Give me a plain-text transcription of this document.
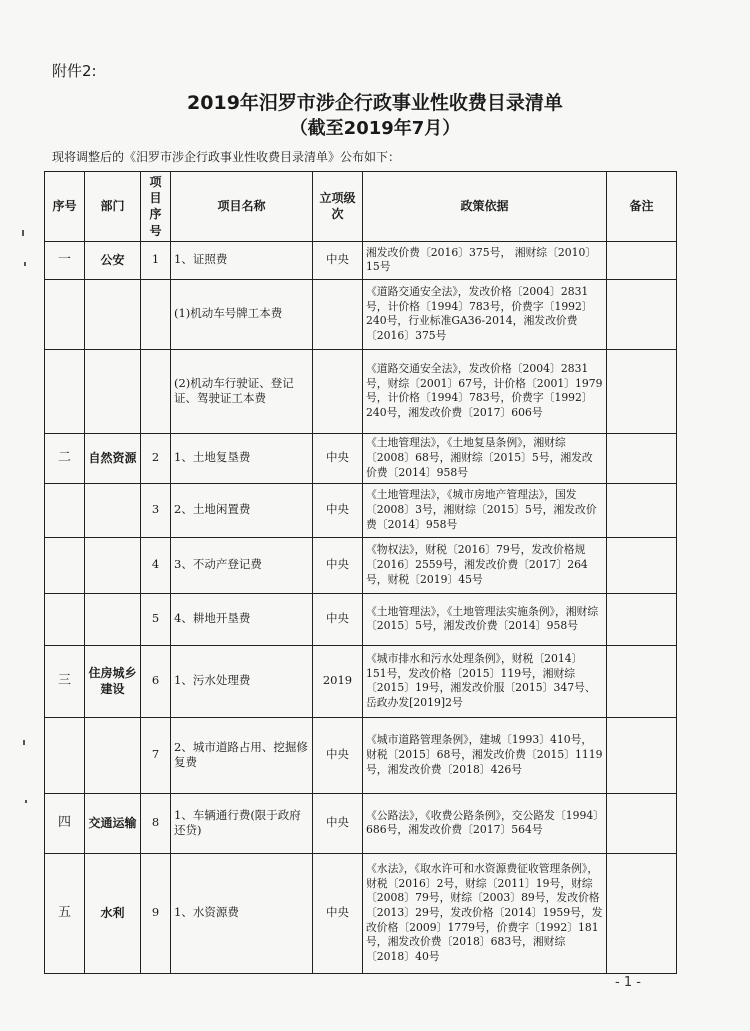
附件2:
2019年汨罗市涉企行政事业性收费目录清单
（截至2019年7月）
现将调整后的《汨罗市涉企行政事业性收费目录清单》公布如下：
序号	部门	项目序号	项目名称	立项级次	政策依据	备注
一	公安	1	1、证照费	中央	湘发改价费〔2016〕375号， 湘财综〔2010〕15号	
			(1)机动车号牌工本费		《道路交通安全法》，发改价格〔2004〕2831号，计价格〔1994〕783号，价费字〔1992〕240号，行业标准GA36-2014，湘发改价费〔2016〕375号	
			(2)机动车行驶证、登记证、驾驶证工本费		《道路交通安全法》，发改价格〔2004〕2831号，财综〔2001〕67号，计价格〔2001〕1979号，计价格〔1994〕783号，价费字〔1992〕240号，湘发改价费〔2017〕606号	
二	自然资源	2	1、土地复垦费	中央	《土地管理法》，《土地复垦条例》，湘财综〔2008〕68号，湘财综〔2015〕5号，湘发改价费〔2014〕958号	
		3	2、土地闲置费	中央	《土地管理法》，《城市房地产管理法》，国发〔2008〕3号，湘财综〔2015〕5号，湘发改价费〔2014〕958号	
		4	3、不动产登记费	中央	《物权法》，财税〔2016〕79号，发改价格规〔2016〕2559号，湘发改价费〔2017〕264号，财税〔2019〕45号	
		5	4、耕地开垦费	中央	《土地管理法》，《土地管理法实施条例》，湘财综〔2015〕5号，湘发改价费〔2014〕958号	
三	住房城乡建设	6	1、污水处理费	2019	《城市排水和污水处理条例》，财税〔2014〕151号，发改价格〔2015〕119号，湘财综〔2015〕19号，湘发改价服〔2015〕347号、岳政办发[2019]2号	
		7	2、城市道路占用、挖掘修复费	中央	《城市道路管理条例》，建城〔1993〕410号，财税〔2015〕68号，湘发改价费〔2015〕1119号，湘发改价费〔2018〕426号	
四	交通运输	8	1、车辆通行费(限于政府还贷)	中央	《公路法》，《收费公路条例》，交公路发〔1994〕686号，湘发改价费〔2017〕564号	
五	水利	9	1、水资源费	中央	《水法》，《取水许可和水资源费征收管理条例》，财税〔2016〕2号，财综〔2011〕19号，财综〔2008〕79号，财综〔2003〕89号，发改价格〔2013〕29号，发改价格〔2014〕1959号，发改价格〔2009〕1779号，价费字〔1992〕181号，湘发改价费〔2018〕683号，湘财综〔2018〕40号	
- 1 -
